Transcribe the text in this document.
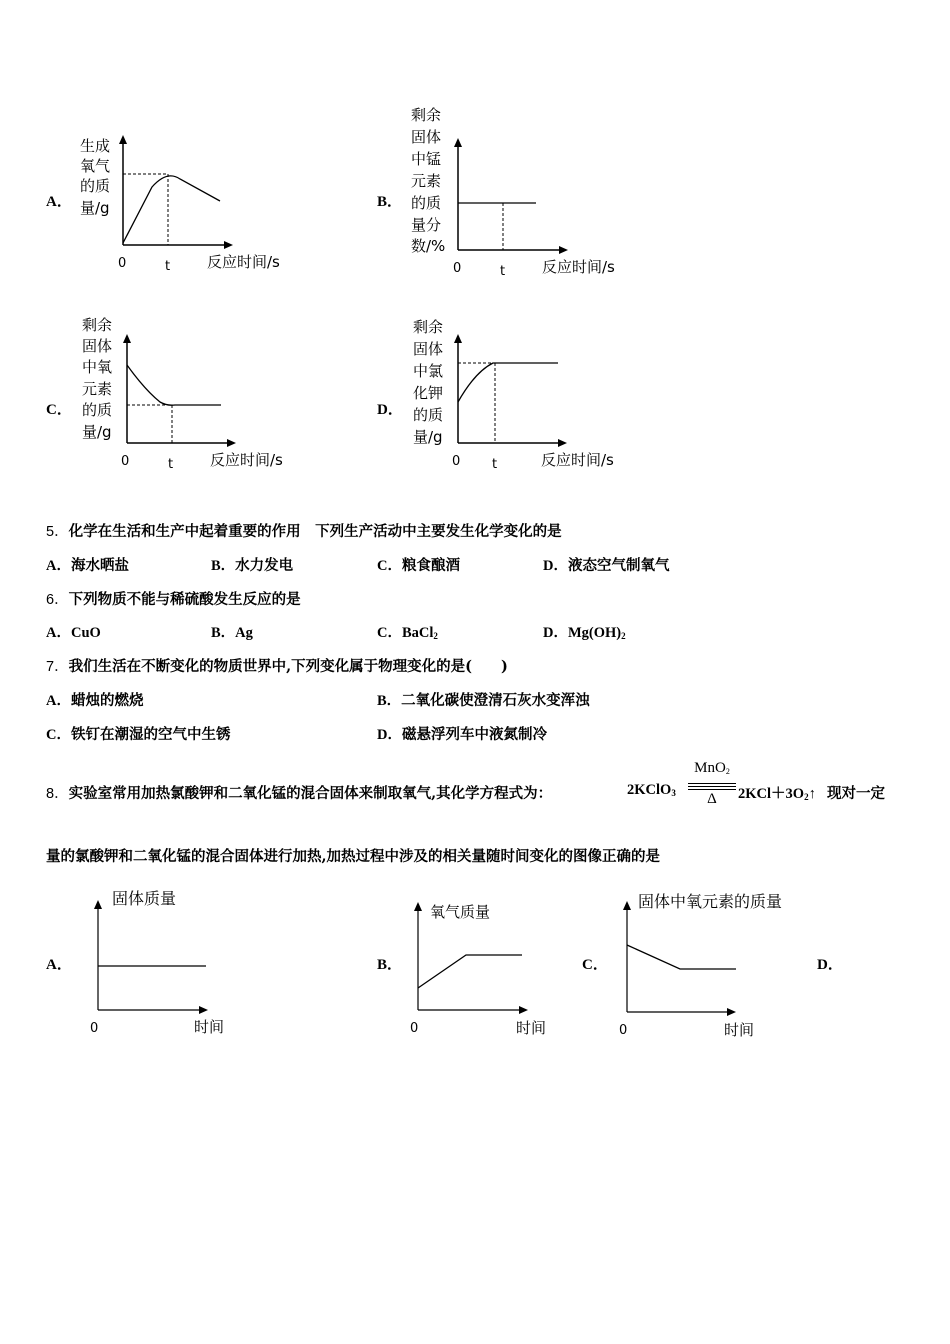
A．
生成
氧气
的质
量/g
0	t 反应时间/s
B．
剩余
固体
中锰
元素
的质
量分
数/%
0	t 反应时间/s
C．
剩余
固体
中氧
元素
的质
量/g
0	t 反应时间/s
D．
剩余
固体
中氯
化钾
的质
量/g
0 t	反应时间/s
5．化学在生活和生产中起着重要的作用　下列生产活动中主要发生化学变化的是
A．海水晒盐	B．水力发电	C．粮食酿酒	D．液态空气制氧气
6．下列物质不能与稀硫酸发生反应的是
A．CuO	B．Ag	C．BaCl$_2$	D．$Mg(OH)_2$
7．我们生活在不断变化的物质世界中,下列变化属于物理变化的是(　　)
A．蜡烛的燃烧	B．二氧化碳使澄清石灰水变浑浊
C．铁钉在潮湿的空气中生锈	D．磁悬浮列车中液氮制冷
8．实验室常用加热氯酸钾和二氧化锰的混合固体来制取氧气,其化学方程式为：	2KClO$_3$
MnO$_2$
Δ	$2KCl+3O_2↑$ 现对一定
量的氯酸钾和二氧化锰的混合固体进行加热,加热过程中涉及的相关量随时间变化的图像正确的是
A．
固体质量
0	时间
B．
氧气质量
0	时间
C．
固体中氧元素的质量
0	时间
D．
